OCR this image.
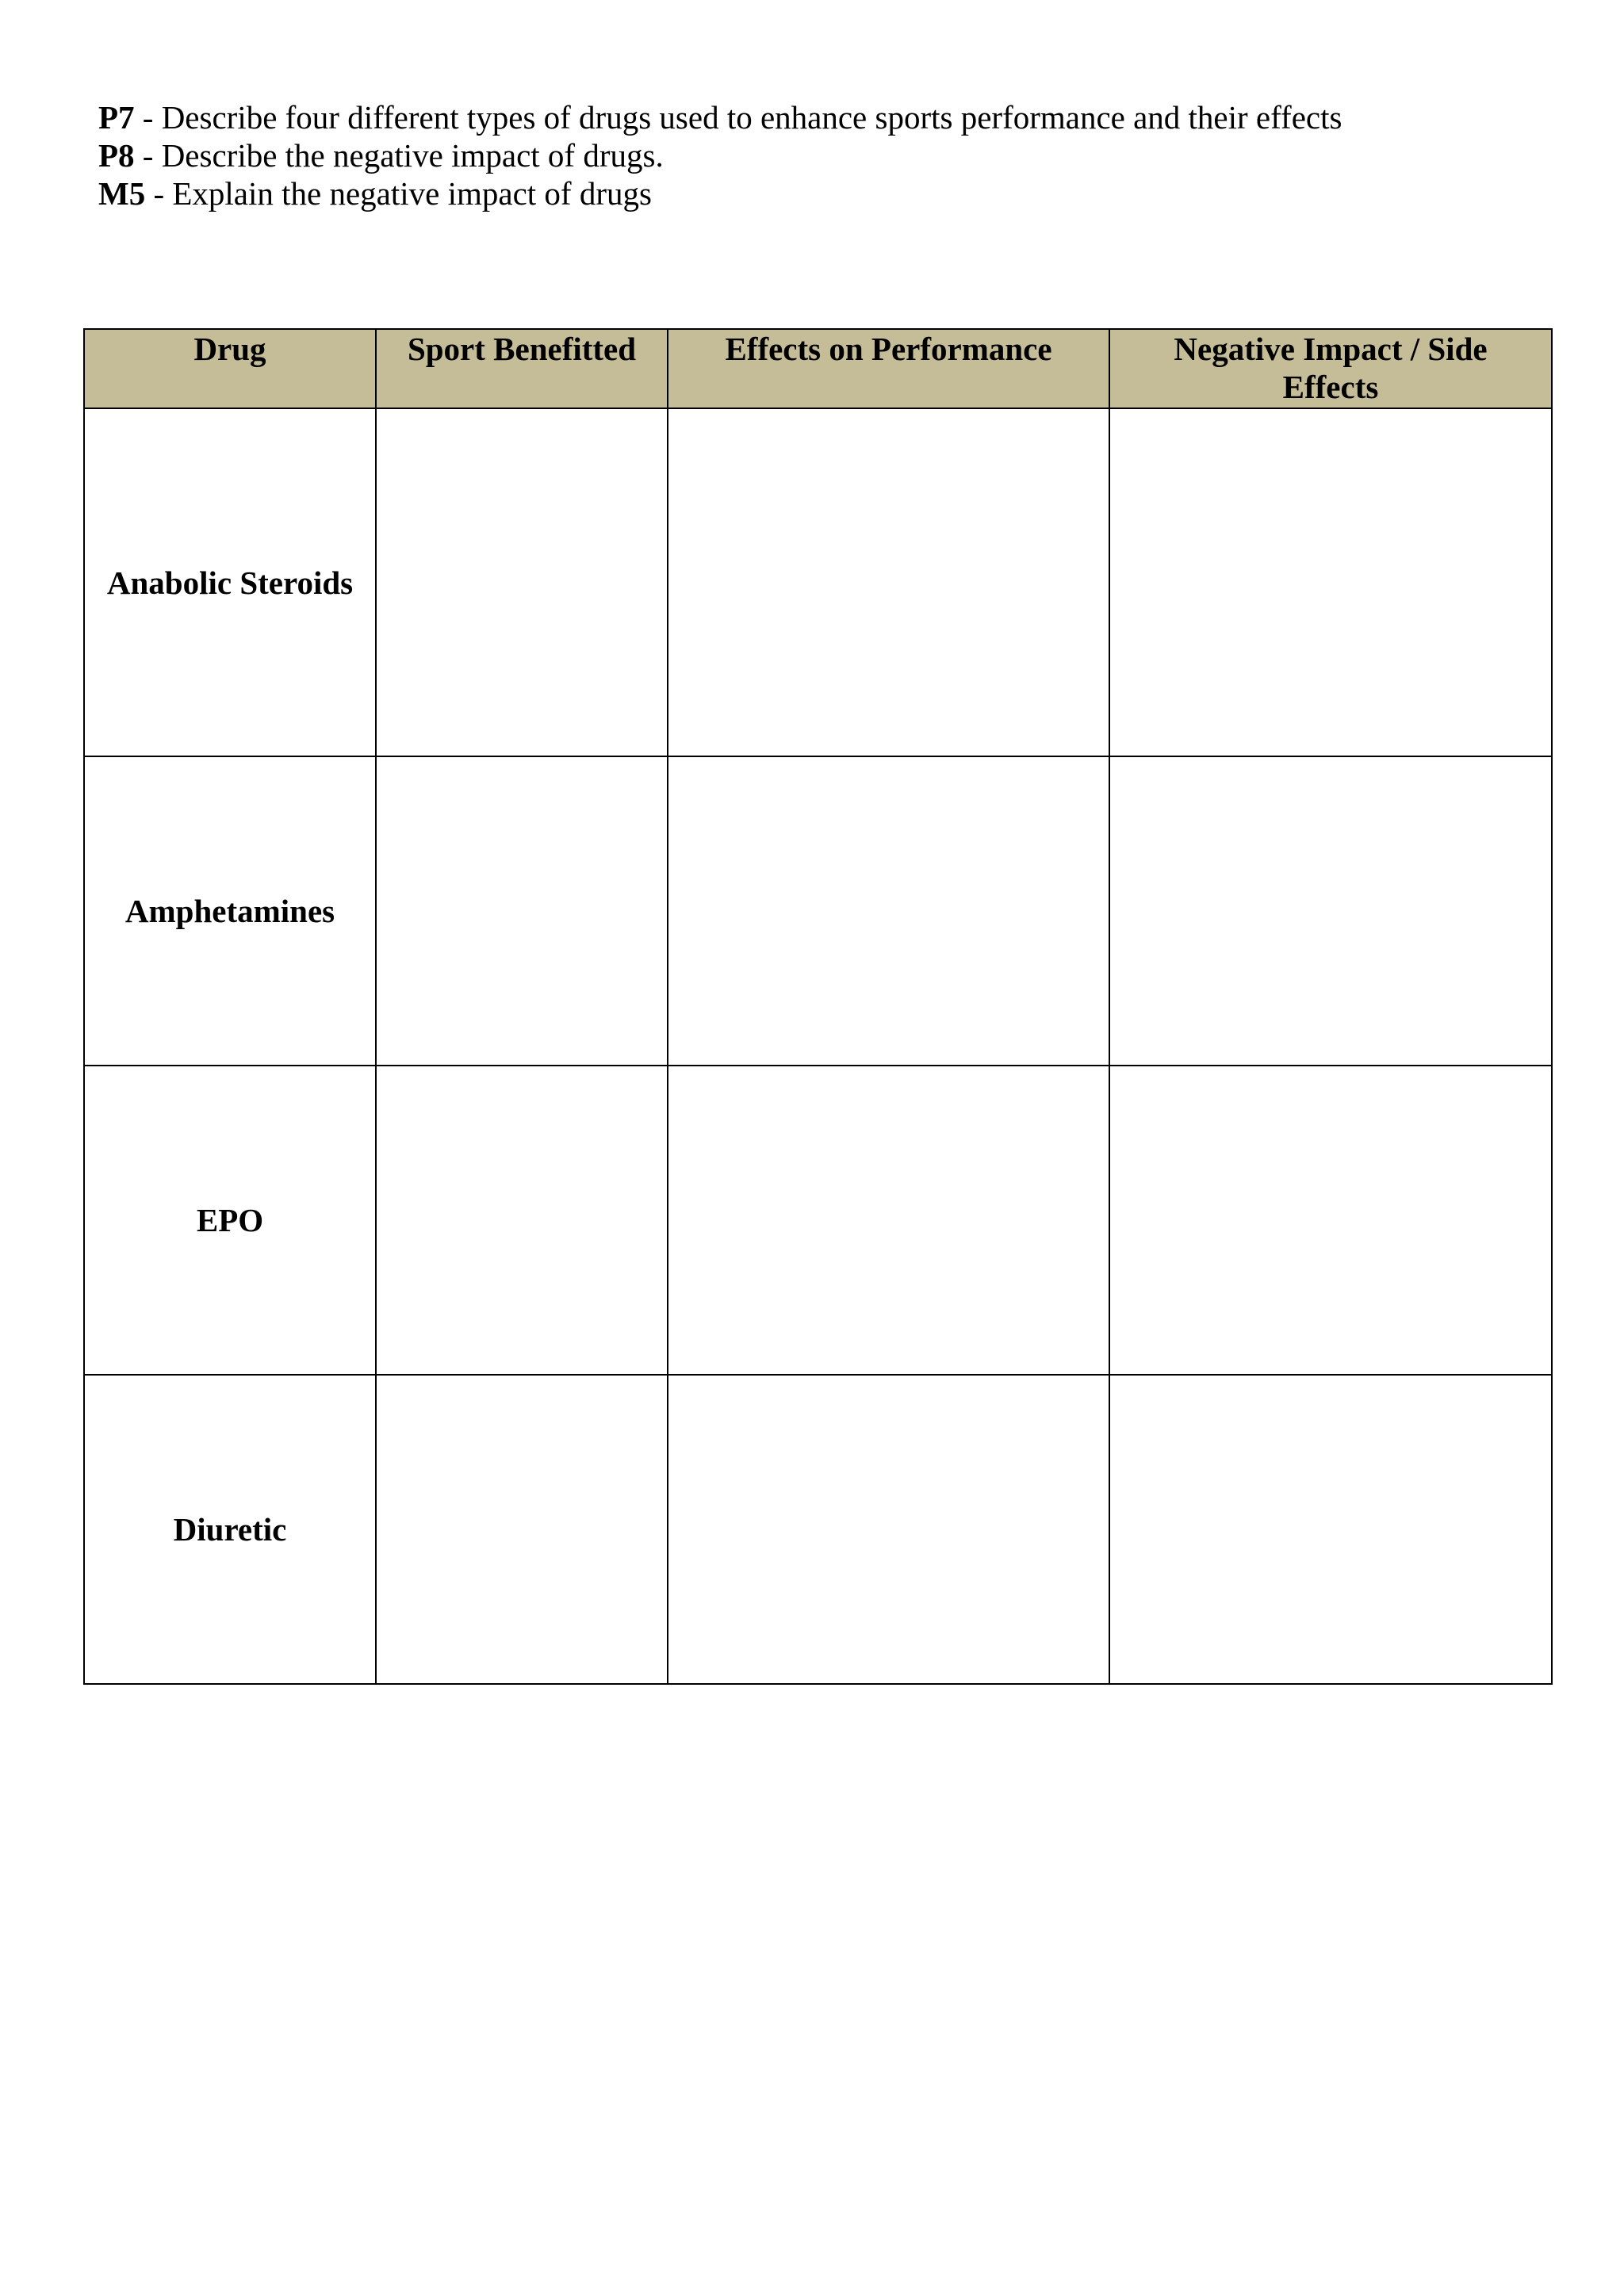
P7 - Describe four different types of drugs used to enhance sports performance and their effects
P8 - Describe the negative impact of drugs.
M5 - Explain the negative impact of drugs
Drug	Sport Benefitted	Effects on Performance	Negative Impact / Side Effects
Anabolic Steroids			
Amphetamines			
EPO			
Diuretic			
